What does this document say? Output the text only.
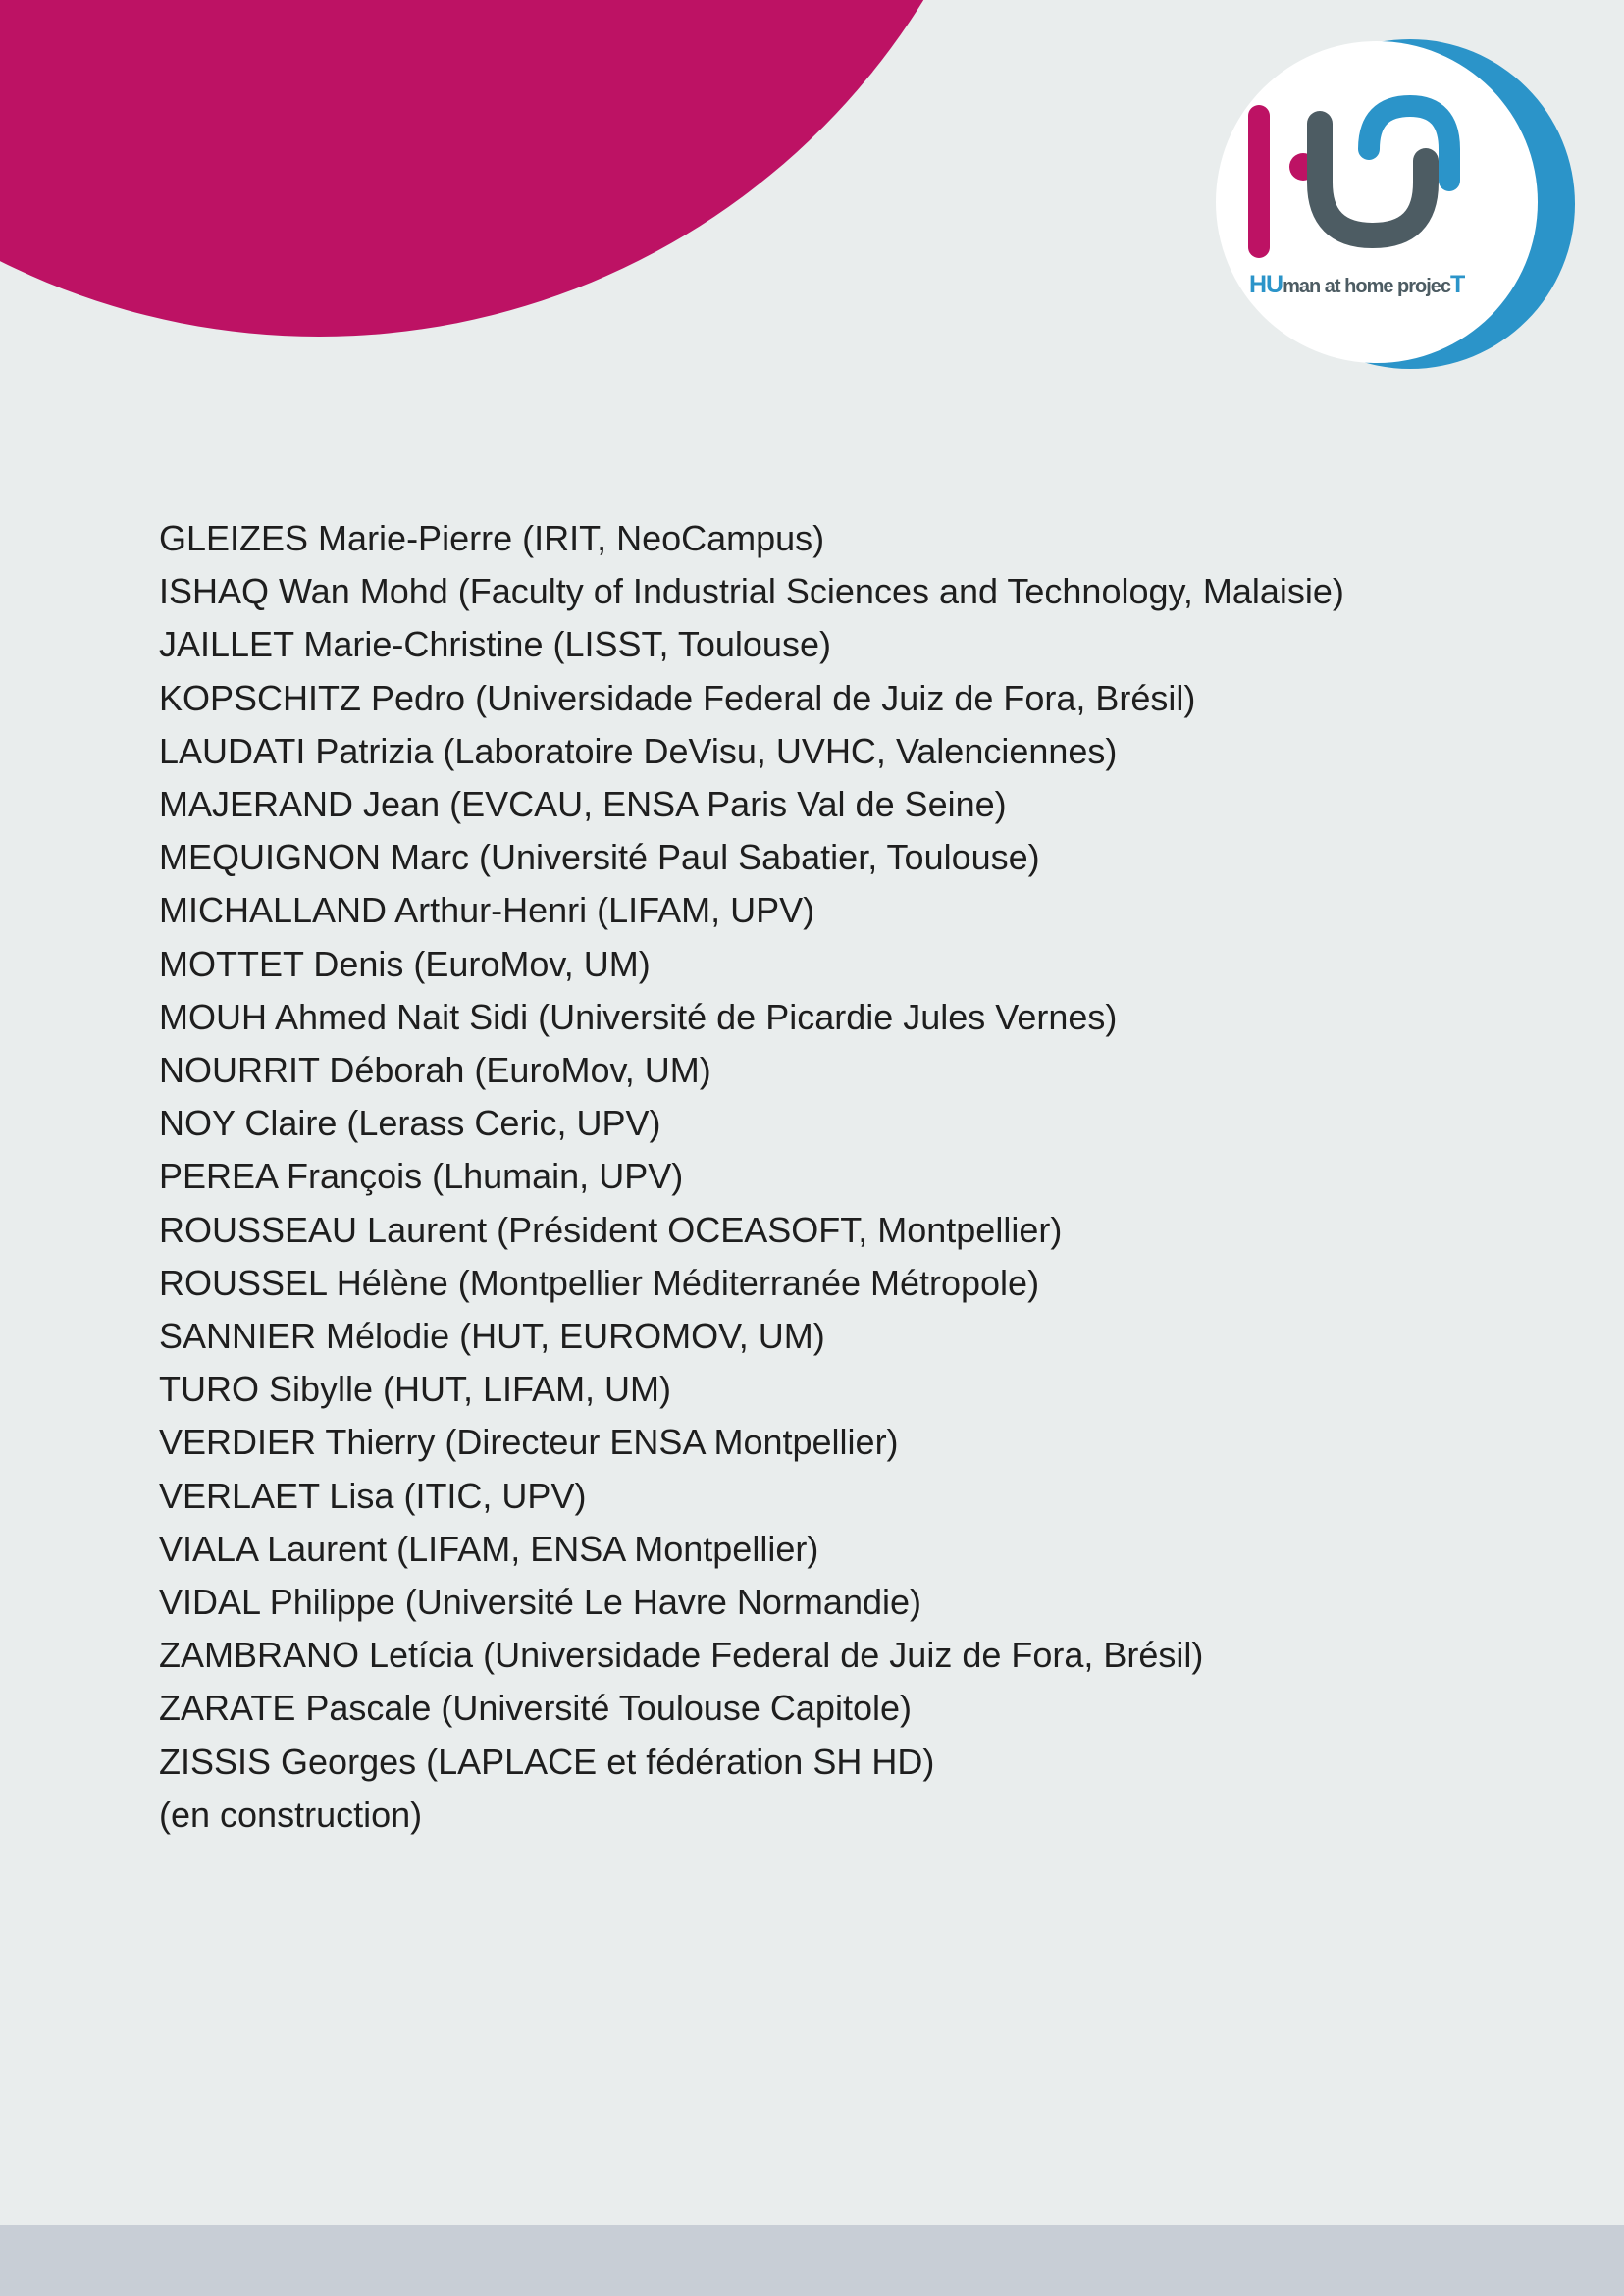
HUman at home projecT
GLEIZES Marie-Pierre (IRIT, NeoCampus)
ISHAQ Wan Mohd (Faculty of Industrial Sciences and Technology, Malaisie)
JAILLET Marie-Christine (LISST, Toulouse)
KOPSCHITZ Pedro (Universidade Federal de Juiz de Fora, Brésil)
LAUDATI Patrizia (Laboratoire DeVisu, UVHC, Valenciennes)
MAJERAND Jean (EVCAU, ENSA Paris Val de Seine)
MEQUIGNON Marc (Université Paul Sabatier, Toulouse)
MICHALLAND Arthur-Henri (LIFAM, UPV)
MOTTET Denis (EuroMov, UM)
MOUH Ahmed Nait Sidi (Université de Picardie Jules Vernes)
NOURRIT Déborah (EuroMov, UM)
NOY Claire (Lerass Ceric, UPV)
PEREA François (Lhumain, UPV)
ROUSSEAU Laurent (Président OCEASOFT, Montpellier)
ROUSSEL Hélène (Montpellier Méditerranée Métropole)
SANNIER Mélodie (HUT, EUROMOV, UM)
TURO Sibylle (HUT, LIFAM, UM)
VERDIER Thierry (Directeur ENSA Montpellier)
VERLAET Lisa (ITIC, UPV)
VIALA Laurent (LIFAM, ENSA Montpellier)
VIDAL Philippe (Université Le Havre Normandie)
ZAMBRANO Letícia (Universidade Federal de Juiz de Fora, Brésil)
ZARATE Pascale (Université Toulouse Capitole)
ZISSIS Georges (LAPLACE et fédération SH HD)
(en construction)
